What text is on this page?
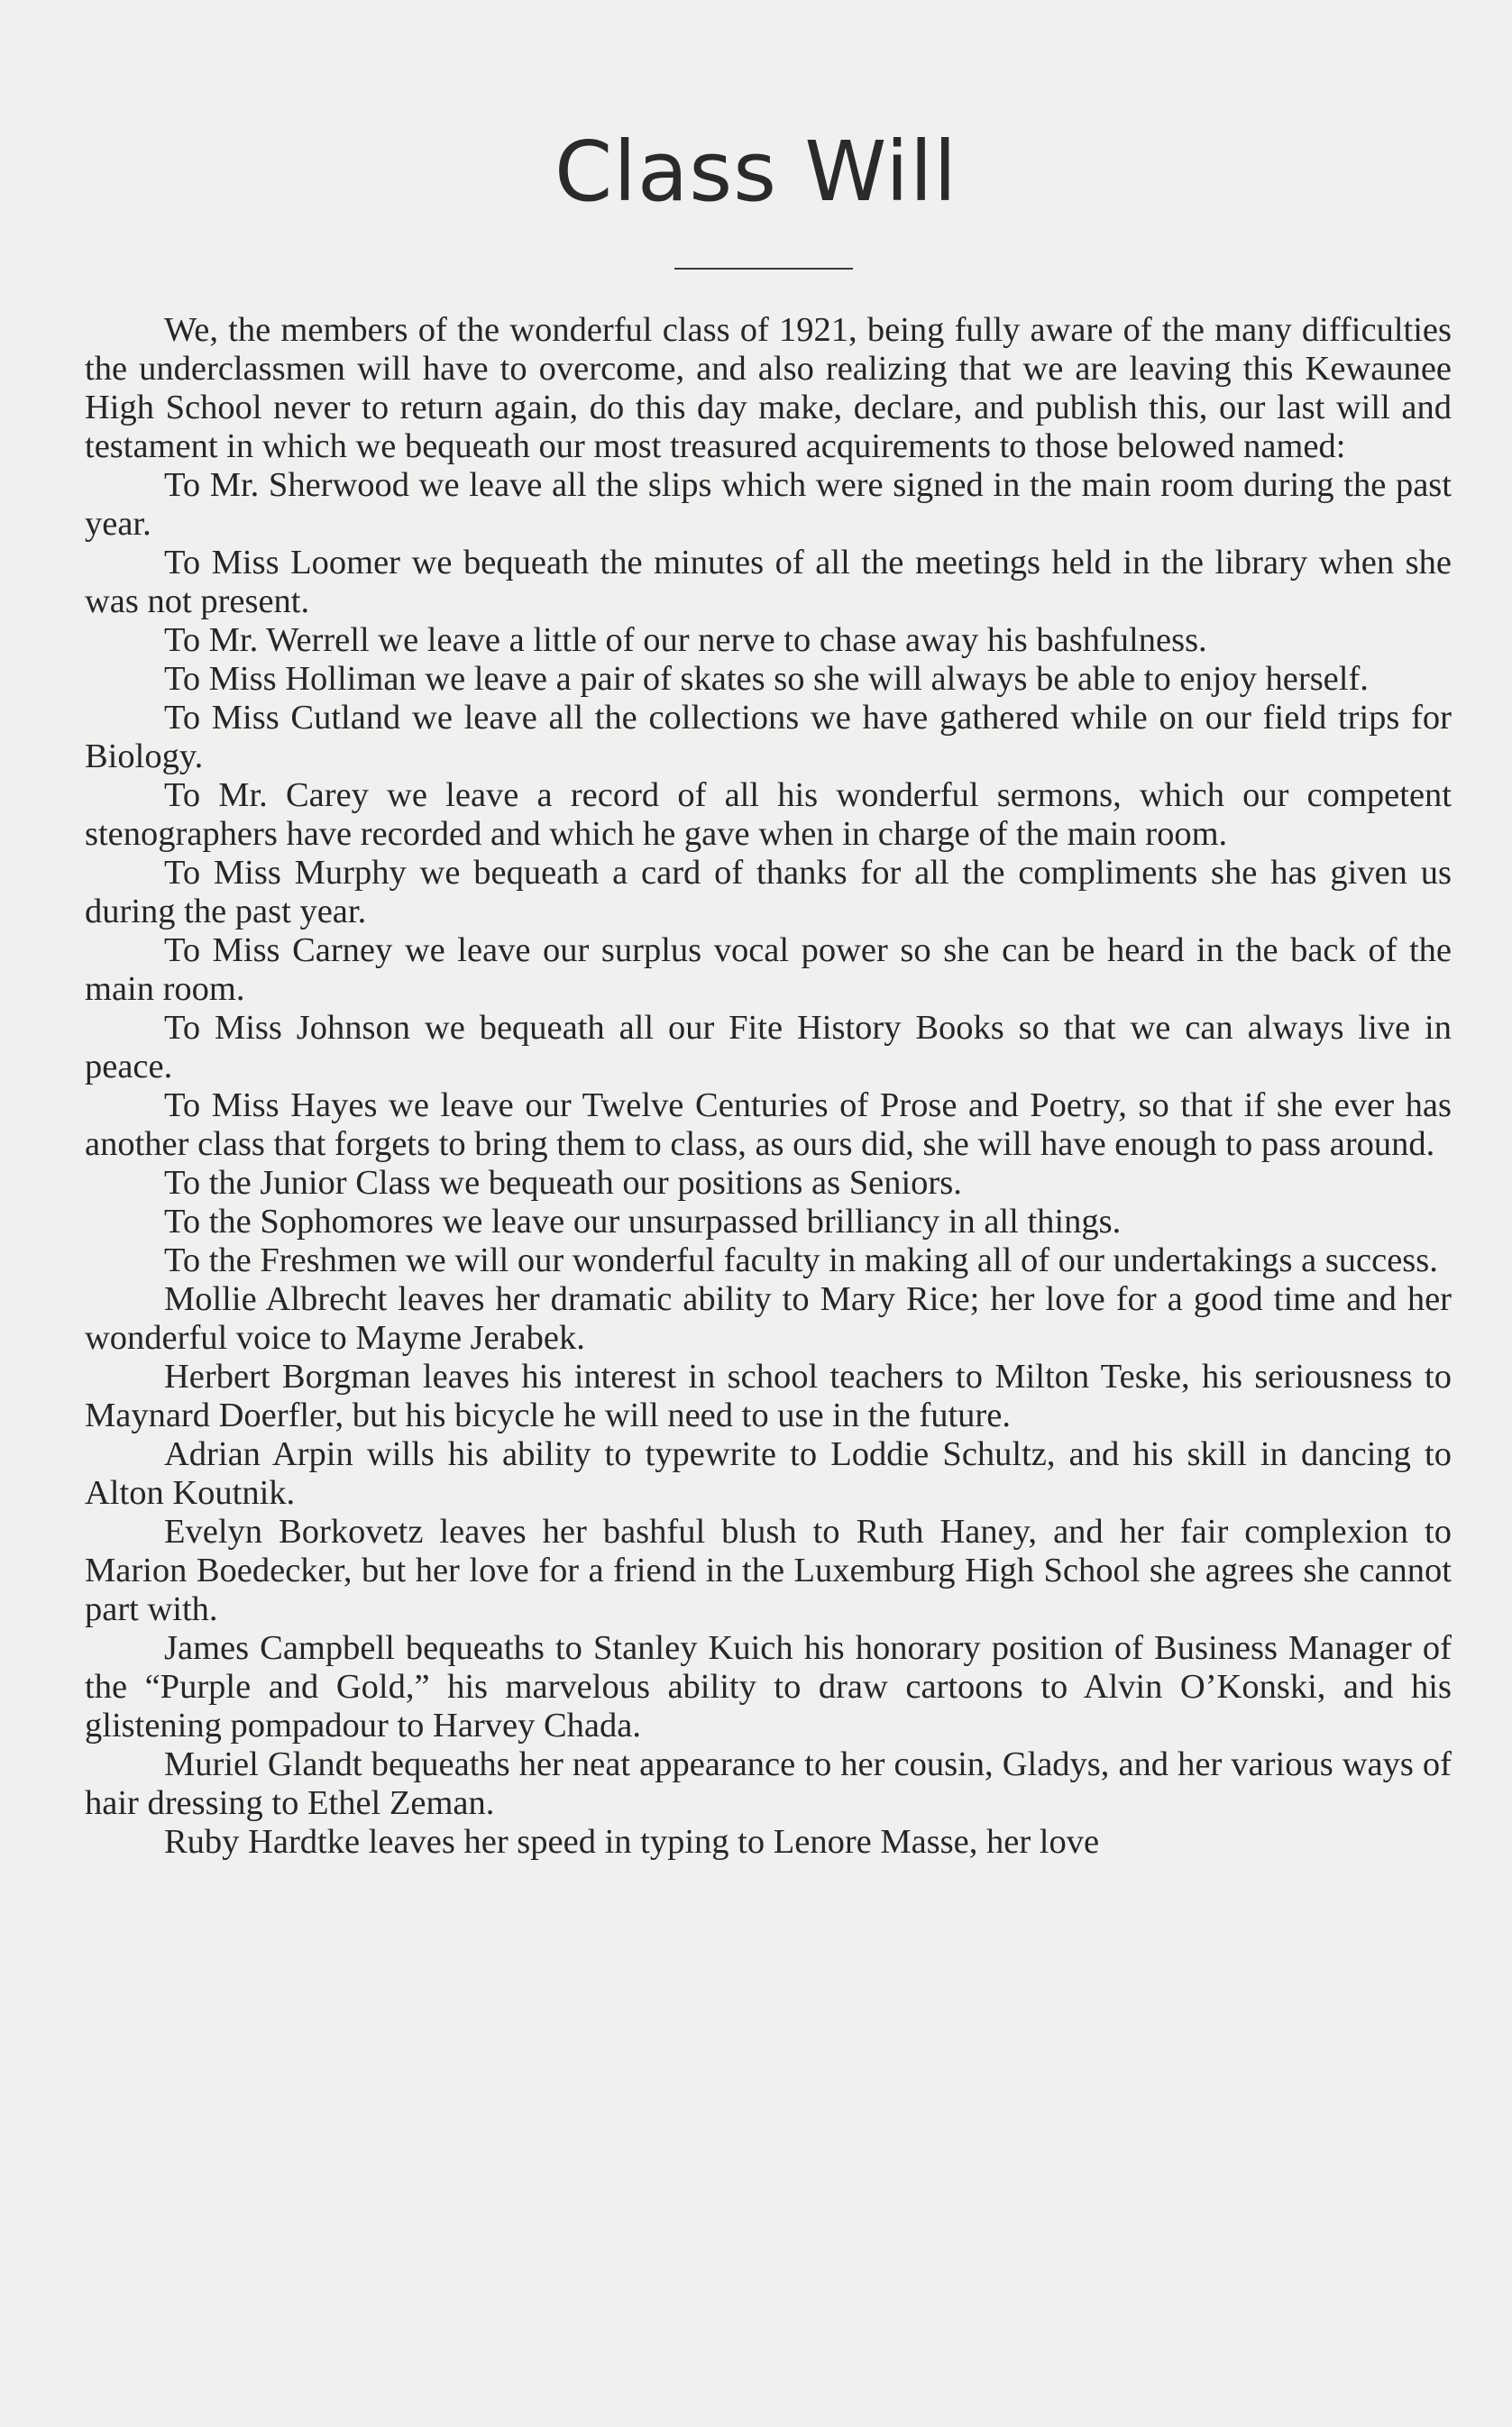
Class Will

We, the members of the wonderful class of 1921, being fully aware of the many difficulties the underclassmen will have to overcome, and also realizing that we are leaving this Kewaunee High School never to return again, do this day make, declare, and publish this, our last will and testament in which we bequeath our most treasured acquirements to those belowed named:

To Mr. Sherwood we leave all the slips which were signed in the main room during the past year.

To Miss Loomer we bequeath the minutes of all the meetings held in the library when she was not present.

To Mr. Werrell we leave a little of our nerve to chase away his bashfulness.

To Miss Holliman we leave a pair of skates so she will always be able to enjoy herself.

To Miss Cutland we leave all the collections we have gathered while on our field trips for Biology.

To Mr. Carey we leave a record of all his wonderful sermons, which our competent stenographers have recorded and which he gave when in charge of the main room.

To Miss Murphy we bequeath a card of thanks for all the compliments she has given us during the past year.

To Miss Carney we leave our surplus vocal power so she can be heard in the back of the main room.

To Miss Johnson we bequeath all our Fite History Books so that we can always live in peace.

To Miss Hayes we leave our Twelve Centuries of Prose and Poetry, so that if she ever has another class that forgets to bring them to class, as ours did, she will have enough to pass around.

To the Junior Class we bequeath our positions as Seniors.

To the Sophomores we leave our unsurpassed brilliancy in all things.

To the Freshmen we will our wonderful faculty in making all of our undertakings a success.

Mollie Albrecht leaves her dramatic ability to Mary Rice; her love for a good time and her wonderful voice to Mayme Jerabek.

Herbert Borgman leaves his interest in school teachers to Milton Teske, his seriousness to Maynard Doerfler, but his bicycle he will need to use in the future.

Adrian Arpin wills his ability to typewrite to Loddie Schultz, and his skill in dancing to Alton Koutnik.

Evelyn Borkovetz leaves her bashful blush to Ruth Haney, and her fair complexion to Marion Boedecker, but her love for a friend in the Luxemburg High School she agrees she cannot part with.

James Campbell bequeaths to Stanley Kuich his honorary position of Business Manager of the “Purple and Gold,” his marvelous ability to draw cartoons to Alvin O’Konski, and his glistening pompadour to Harvey Chada.

Muriel Glandt bequeaths her neat appearance to her cousin, Gladys, and her various ways of hair dressing to Ethel Zeman.

Ruby Hardtke leaves her speed in typing to Lenore Masse, her love
